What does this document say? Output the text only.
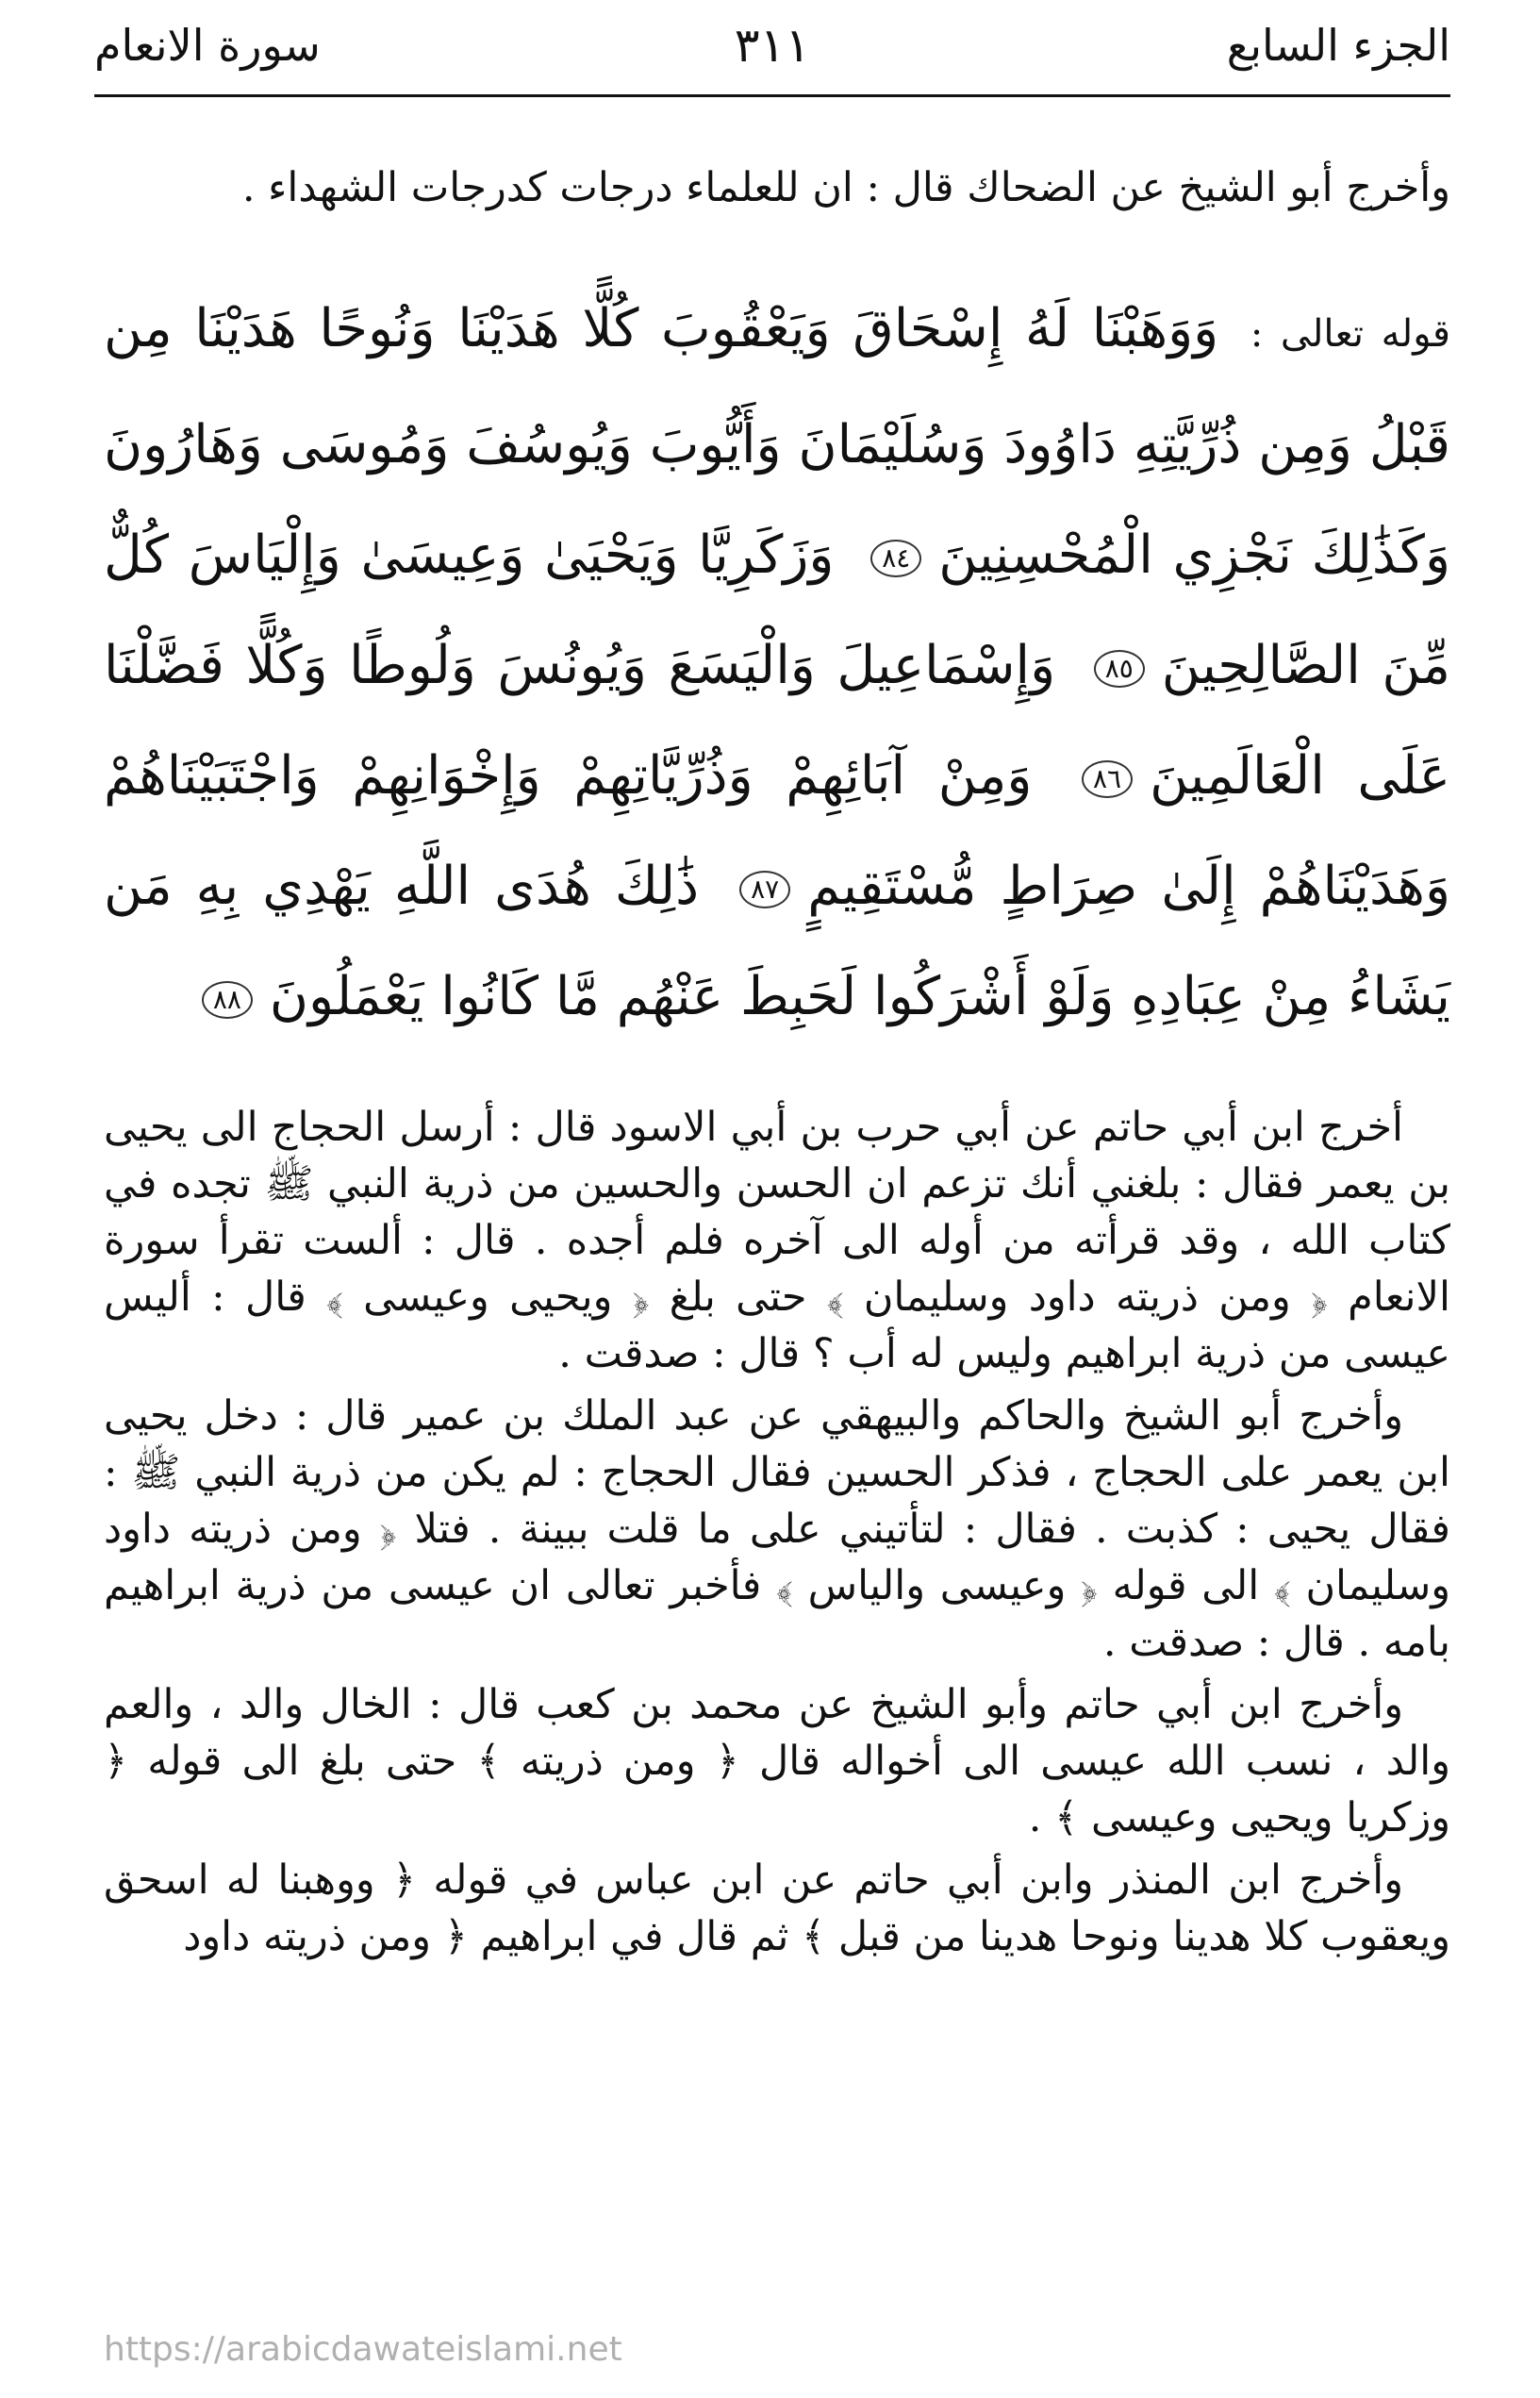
الجزء السابع
٣١١
سورة الانعام
وأخرج أبو الشيخ عن الضحاك قال : ان للعلماء درجات كدرجات الشهداء .
قوله تعالى : وَوَهَبْنَا لَهُ إِسْحَاقَ وَيَعْقُوبَ كُلًّا هَدَيْنَا وَنُوحًا هَدَيْنَا مِن قَبْلُ وَمِن ذُرِّيَّتِهِ دَاوُودَ وَسُلَيْمَانَ وَأَيُّوبَ وَيُوسُفَ وَمُوسَى وَهَارُونَ وَكَذَٰلِكَ نَجْزِي الْمُحْسِنِينَ٨٤ وَزَكَرِيَّا وَيَحْيَىٰ وَعِيسَىٰ وَإِلْيَاسَ كُلٌّ مِّنَ الصَّالِحِينَ٨٥ وَإِسْمَاعِيلَ وَالْيَسَعَ وَيُونُسَ وَلُوطًا وَكُلًّا فَضَّلْنَا عَلَى الْعَالَمِينَ٨٦ وَمِنْ آبَائِهِمْ وَذُرِّيَّاتِهِمْ وَإِخْوَانِهِمْ وَاجْتَبَيْنَاهُمْ وَهَدَيْنَاهُمْ إِلَىٰ صِرَاطٍ مُّسْتَقِيمٍ٨٧ ذَٰلِكَ هُدَى اللَّهِ يَهْدِي بِهِ مَن يَشَاءُ مِنْ عِبَادِهِ وَلَوْ أَشْرَكُوا لَحَبِطَ عَنْهُم مَّا كَانُوا يَعْمَلُونَ٨٨

أخرج ابن أبي حاتم عن أبي حرب بن أبي الاسود قال : أرسل الحجاج الى يحيى بن يعمر فقال : بلغني أنك تزعم ان الحسن والحسين من ذرية النبي ﷺ تجده في كتاب الله ، وقد قرأته من أوله الى آخره فلم أجده . قال : ألست تقرأ سورة الانعام ﴿ ومن ذريته داود وسليمان ﴾ حتى بلغ ﴿ ويحيى وعيسى ﴾ قال : أليس عيسى من ذرية ابراهيم وليس له أب ؟ قال : صدقت .

وأخرج أبو الشيخ والحاكم والبيهقي عن عبد الملك بن عمير قال : دخل يحيى ابن يعمر على الحجاج ، فذكر الحسين فقال الحجاج : لم يكن من ذرية النبي ﷺ : فقال يحيى : كذبت . فقال : لتأتيني على ما قلت ببينة . فتلا ﴿ ومن ذريته داود وسليمان ﴾ الى قوله ﴿ وعيسى والياس ﴾ فأخبر تعالى ان عيسى من ذرية ابراهيم بامه . قال : صدقت .

وأخرج ابن أبي حاتم وأبو الشيخ عن محمد بن كعب قال : الخال والد ، والعم والد ، نسب الله عيسى الى أخواله قال ﴿ ومن ذريته ﴾ حتى بلغ الى قوله ﴿ وزكريا ويحيى وعيسى ﴾ .

وأخرج ابن المنذر وابن أبي حاتم عن ابن عباس في قوله ﴿ ووهبنا له اسحق ويعقوب كلا هدينا ونوحا هدينا من قبل ﴾ ثم قال في ابراهيم ﴿ ومن ذريته داود

https://arabicdawateislami.net
